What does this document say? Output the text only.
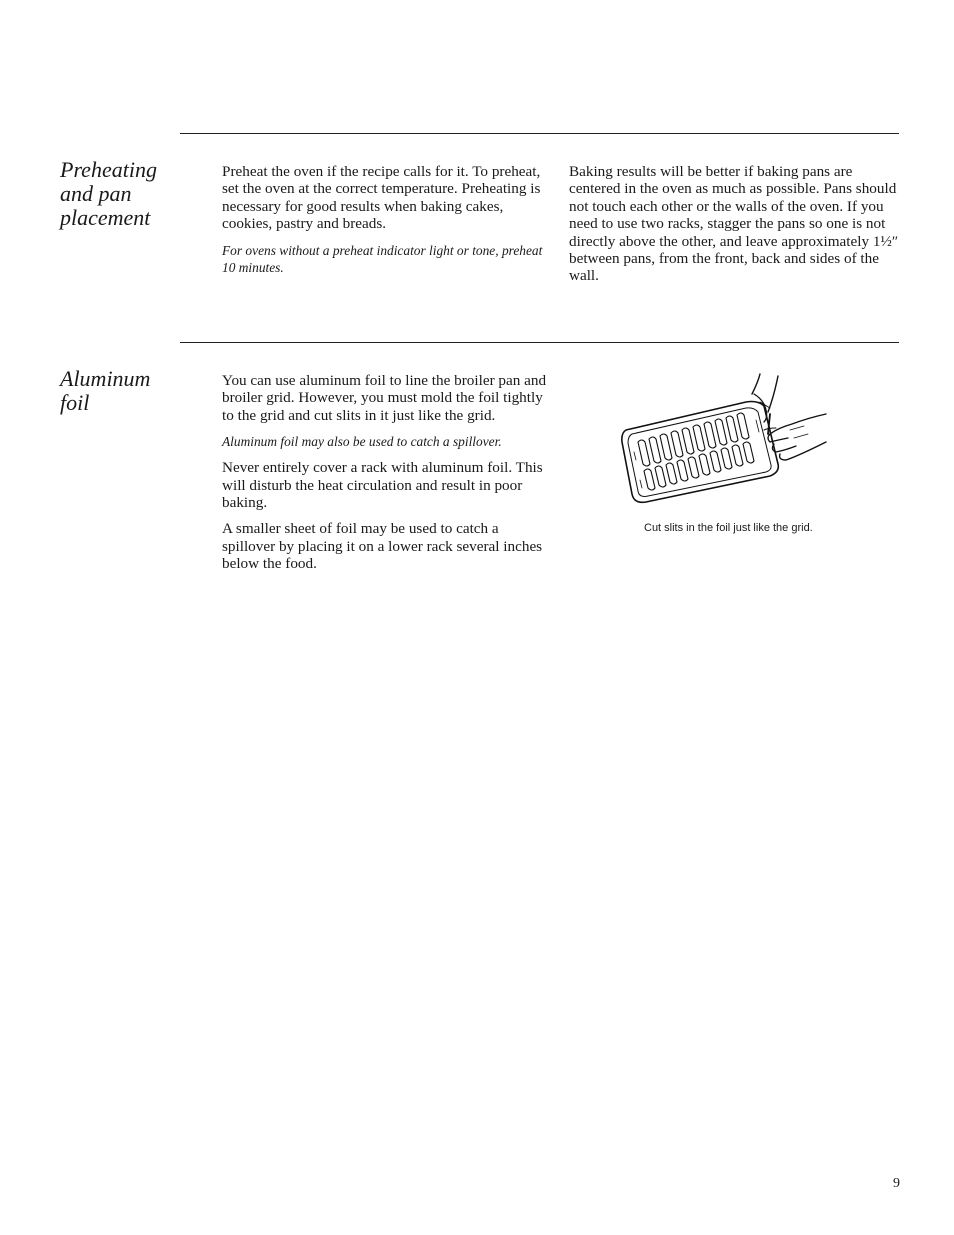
Preheating and pan placement

Preheat the oven if the recipe calls for it. To preheat, set the oven at the correct temperature. Preheating is necessary for good results when baking cakes, cookies, pastry and breads.

For ovens without a preheat indicator light or tone, preheat 10 minutes.

Baking results will be better if baking pans are centered in the oven as much as possible. Pans should not touch each other or the walls of the oven. If you need to use two racks, stagger the pans so one is not directly above the other, and leave approximately 1½″ between pans, from the front, back and sides of the wall.

Aluminum foil

You can use aluminum foil to line the broiler pan and broiler grid. However, you must mold the foil tightly to the grid and cut slits in it just like the grid.

Aluminum foil may also be used to catch a spillover.

Never entirely cover a rack with aluminum foil. This will disturb the heat circulation and result in poor baking.

A smaller sheet of foil may be used to catch a spillover by placing it on a lower rack several inches below the food.

Cut slits in the foil just like the grid.
9
